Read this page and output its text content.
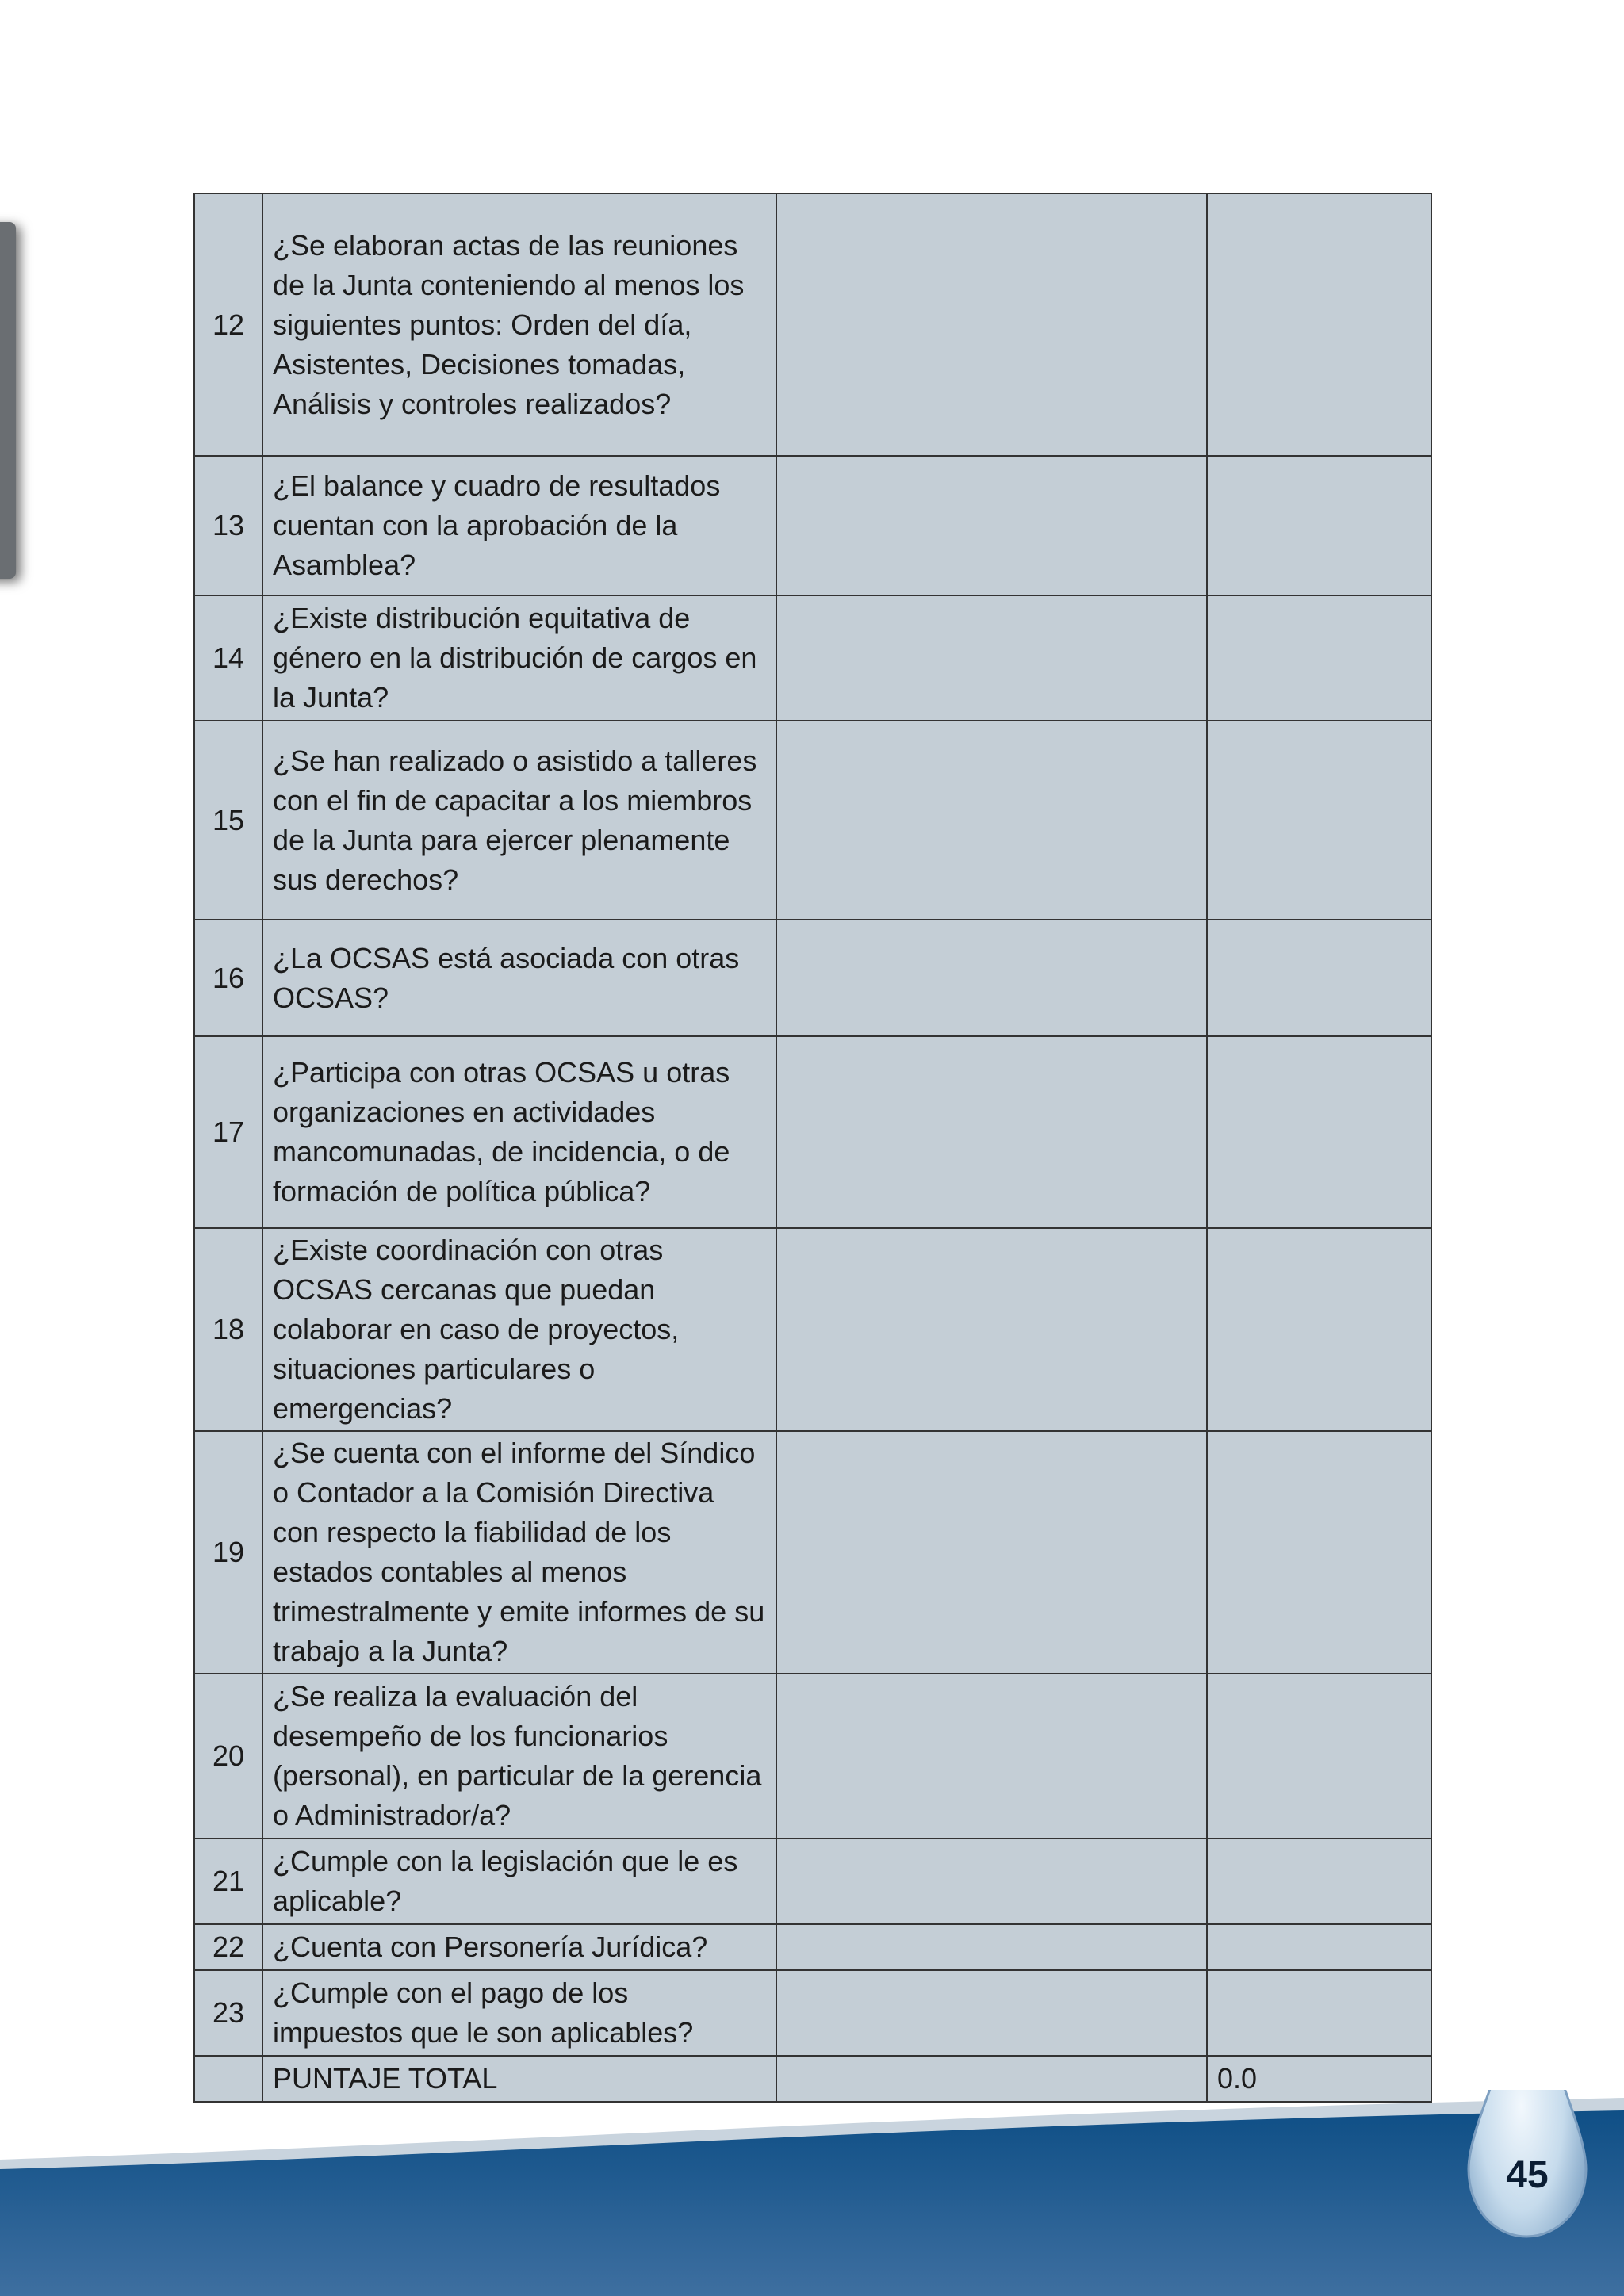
12	¿Se elaboran actas de las reuniones de la Junta conteniendo al menos los siguientes puntos: Orden del día, Asistentes, Decisiones tomadas, Análisis y controles realizados?		
13	¿El balance y cuadro de resultados cuentan con la aprobación de la Asamblea?		
14	¿Existe distribución equitativa de género en la distribución de cargos en la Junta?		
15	¿Se han realizado o asistido a talleres con el fin de capacitar a los miembros de la Junta para ejercer plenamente sus derechos?		
16	¿La OCSAS está asociada con otras OCSAS?		
17	¿Participa con otras OCSAS u otras organizaciones en actividades mancomunadas, de incidencia, o de formación de política pública?		
18	¿Existe coordinación con otras OCSAS cercanas que puedan colaborar en caso de proyectos, situaciones particulares o emergencias?		
19	¿Se cuenta con el informe del Síndico o Contador a la Comisión Directiva con respecto la fiabilidad de los estados contables al menos trimestralmente y emite informes de su trabajo a la Junta?		
20	¿Se realiza la evaluación del desempeño de los funcionarios (personal), en particular de la gerencia o Administrador/a?		
21	¿Cumple con la legislación que le es aplicable?		
22	¿Cuenta con Personería Jurídica?		
23	¿Cumple con el pago de los impuestos que le son aplicables?		
	PUNTAJE TOTAL		0.0
45
